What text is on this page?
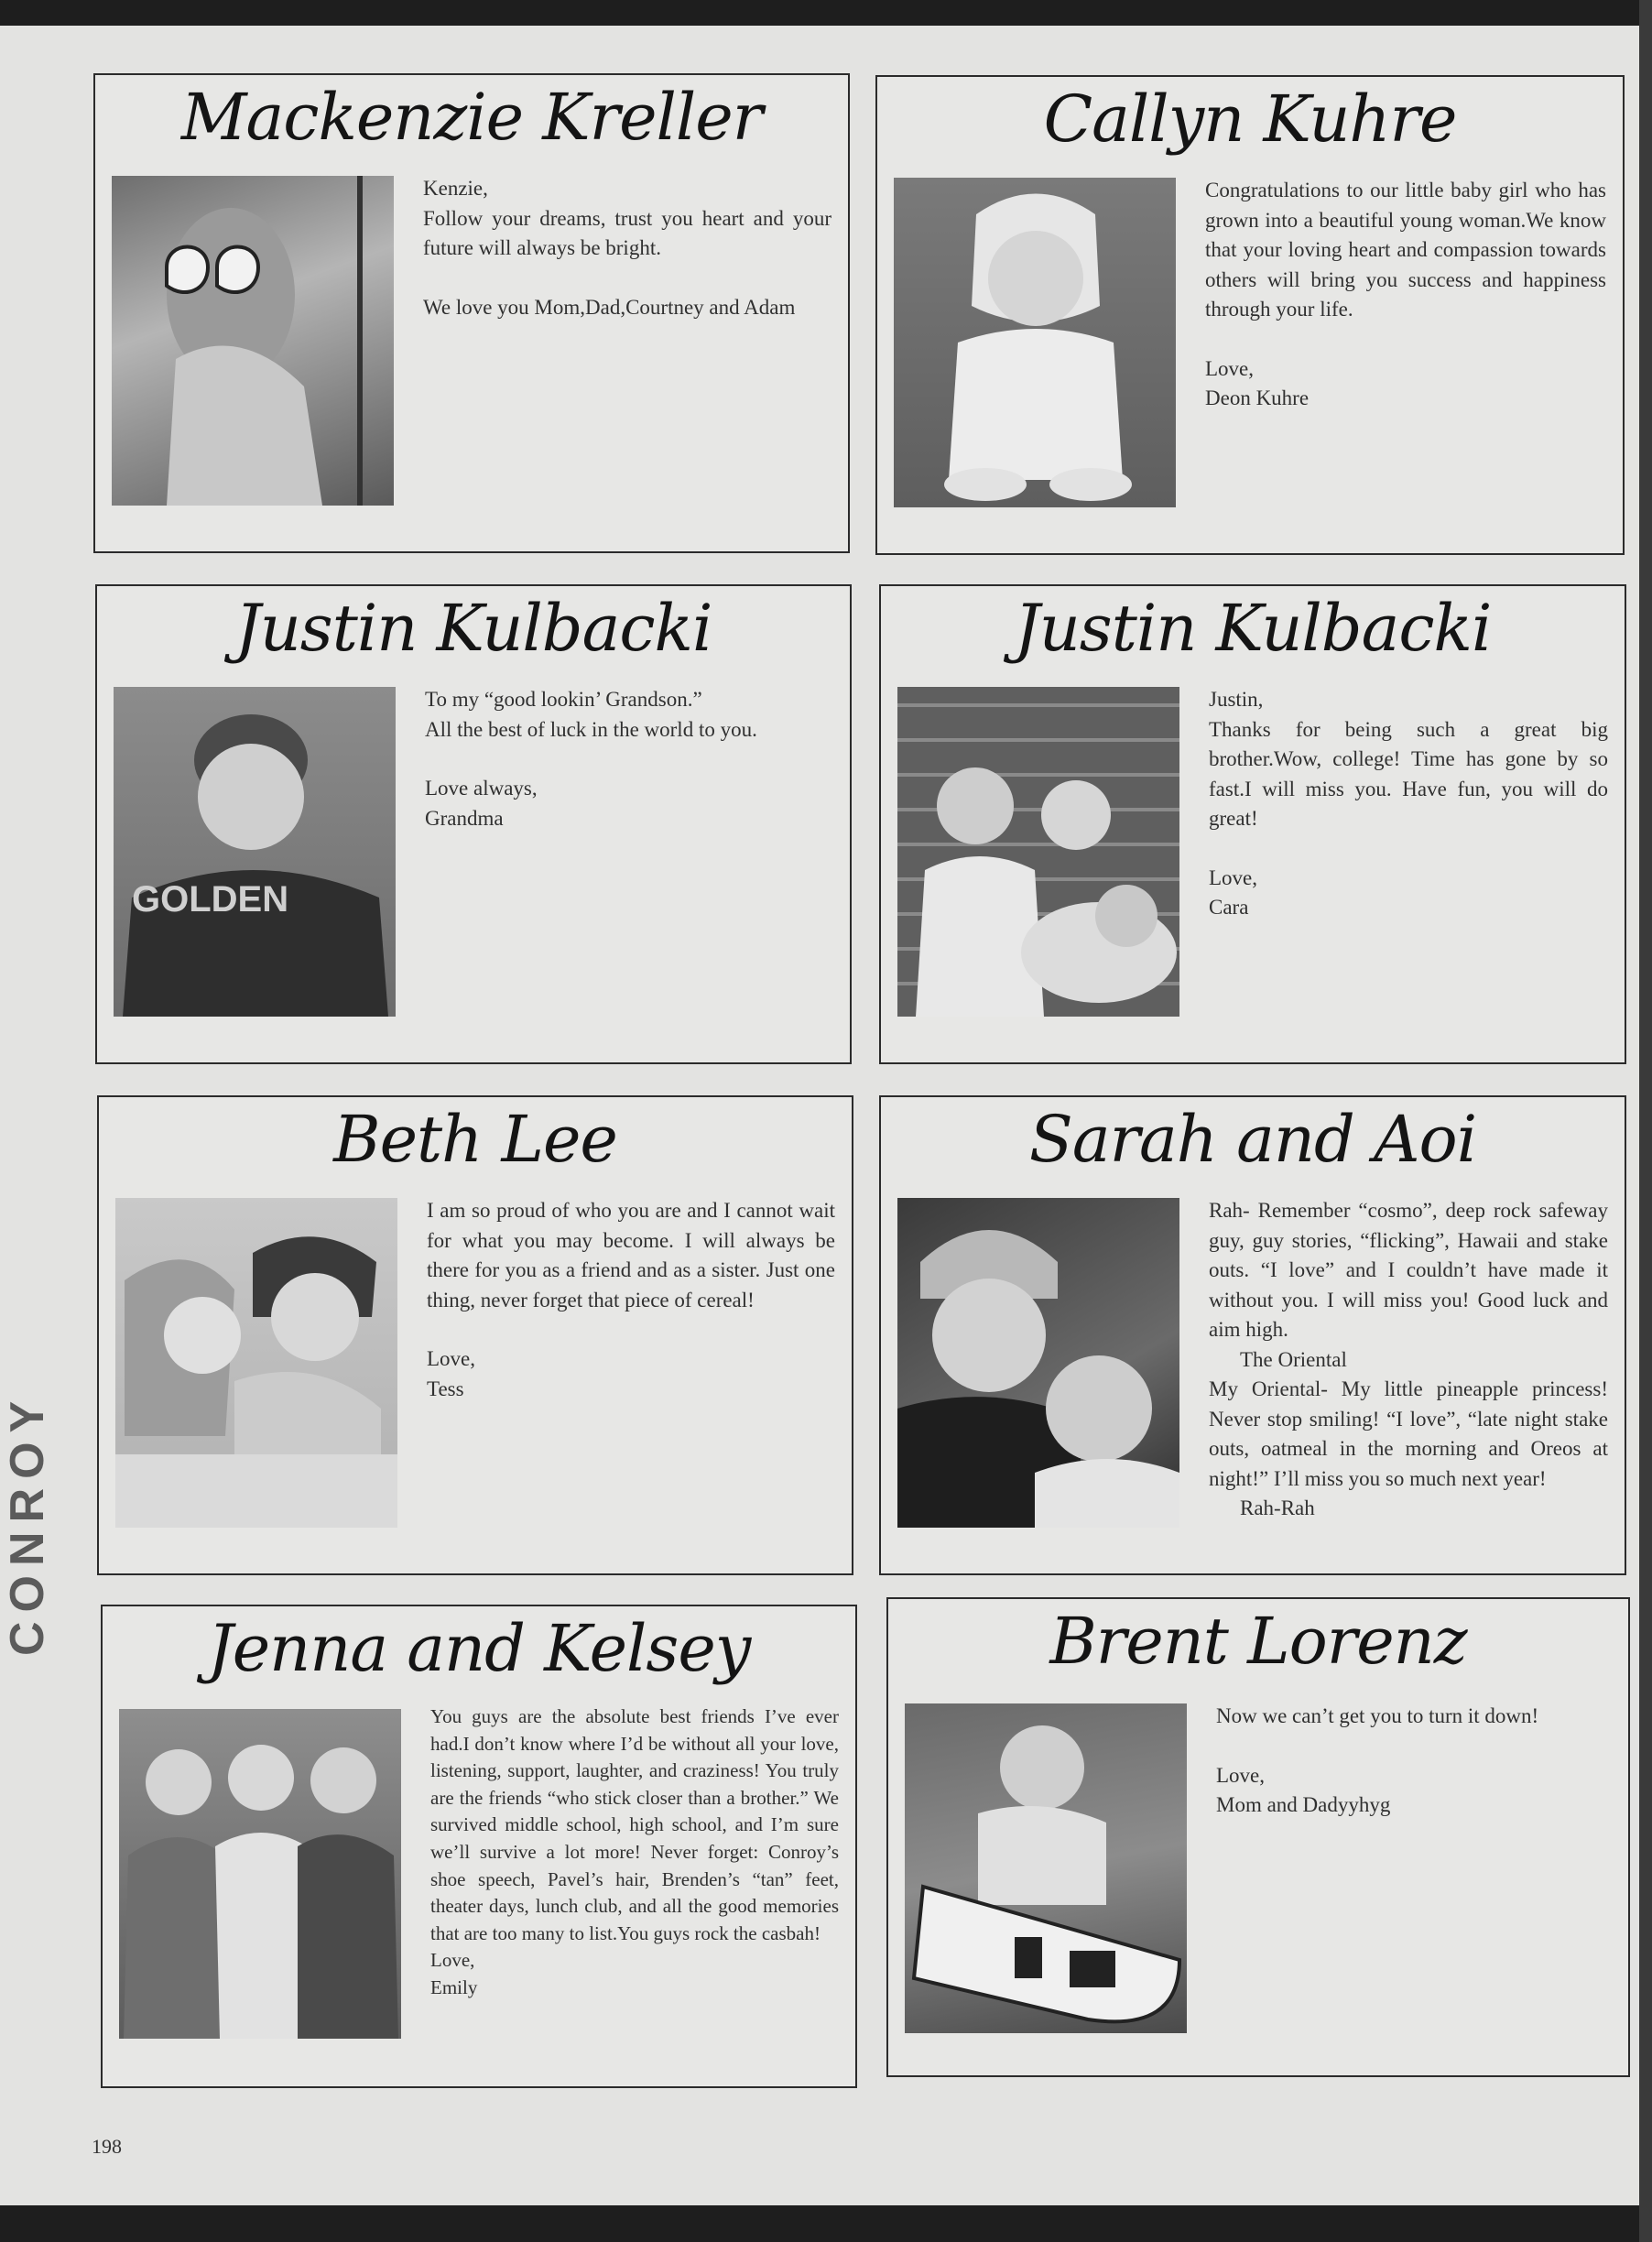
CONROY
Mackenzie Kreller

Kenzie,

Follow your dreams, trust you heart and your future will always be bright.

We love you Mom,Dad,Courtney and Adam

Callyn Kuhre

Congratulations to our little baby girl who has grown into a beautiful young woman.We know that your loving heart and compassion towards others will bring you success and happiness through your life.

Love,

Deon Kuhre

Justin Kulbacki
GOLDEN

To my “good lookin’ Grandson.”

All the best of luck in the world to you.

Love always,

Grandma

Justin Kulbacki

Justin,

Thanks for being such a great big brother.Wow, college! Time has gone by so fast.I will miss you. Have fun, you will do great!

Love,

Cara

Beth Lee

I am so proud of who you are and I cannot wait for what you may become. I will always be there for you as a friend and as a sister. Just one thing, never forget that piece of cereal!

Love,

Tess

Sarah and Aoi

Rah- Remember “cosmo”, deep rock safeway guy, guy stories, “flicking”, Hawaii and stake outs. “I love” and I couldn’t have made it without you. I will miss you! Good luck and aim high.

The Oriental

My Oriental- My little pineapple princess! Never stop smiling! “I love”, “late night stake outs, oatmeal in the morning and Oreos at night!” I’ll miss you so much next year!

Rah-Rah

Jenna and Kelsey

You guys are the absolute best friends I’ve ever had.I don’t know where I’d be without all your love, listening, support, laughter, and craziness! You truly are the friends “who stick closer than a brother.” We survived middle school, high school, and I’m sure we’ll survive a lot more! Never forget: Conroy’s shoe speech, Pavel’s hair, Brenden’s “tan” feet, theater days, lunch club, and all the good memories that are too many to list.You guys rock the casbah!

Love,

Emily

Brent Lorenz

Now we can’t get you to turn it down!

Love,

Mom and Dadyyhyg

198
